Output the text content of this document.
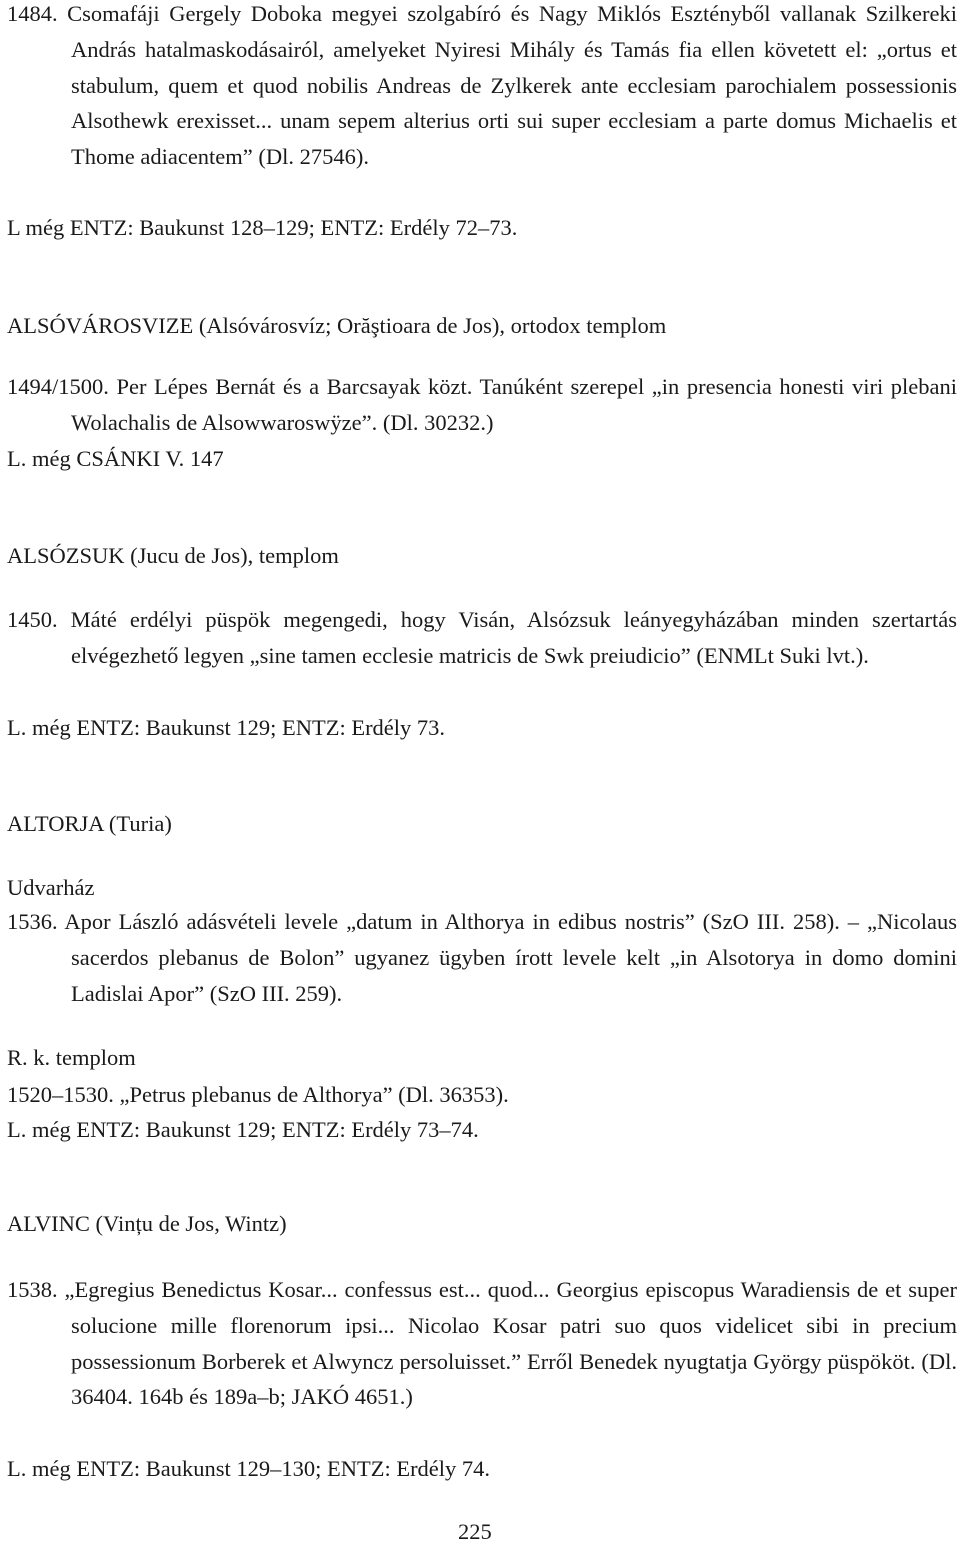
1484. Csomafáji Gergely Doboka megyei szolgabíró és Nagy Miklós Esztényből vallanak Szilkereki András hatalmaskodásairól, amelyeket Nyiresi Mihály és Tamás fia ellen követett el: „ortus et stabulum, quem et quod nobilis Andreas de Zylkerek ante ecclesiam parochialem possessionis Alsothewk erexisset... unam sepem alterius orti sui super ecclesiam a parte domus Michaelis et Thome adiacentem” (Dl. 27546).

L még ENTZ: Baukunst 128–129; ENTZ: Erdély 72–73.

ALSÓVÁROSVIZE (Alsóvárosvíz; Orăştioara de Jos), ortodox templom

1494/1500. Per Lépes Bernát és a Barcsayak közt. Tanúként szerepel „in presencia honesti viri plebani Wolachalis de Alsowwaroswÿze”. (Dl. 30232.)

L. még CSÁNKI V. 147

ALSÓZSUK (Jucu de Jos), templom

1450. Máté erdélyi püspök megengedi, hogy Visán, Alsózsuk leányegyházában minden szertartás elvégezhető legyen „sine tamen ecclesie matricis de Swk preiudicio” (ENMLt Suki lvt.).

L. még ENTZ: Baukunst 129; ENTZ: Erdély 73.

ALTORJA (Turia)

Udvarház

1536. Apor László adásvételi levele „datum in Althorya in edibus nostris” (SzO III. 258). – „Nicolaus sacerdos plebanus de Bolon” ugyanez ügyben írott levele kelt „in Alsotorya in domo domini Ladislai Apor” (SzO III. 259).

R. k. templom

1520–1530. „Petrus plebanus de Althorya” (Dl. 36353).

L. még ENTZ: Baukunst 129; ENTZ: Erdély 73–74.

ALVINC (Vințu de Jos, Wintz)

1538. „Egregius Benedictus Kosar... confessus est... quod... Georgius episcopus Waradiensis de et super solucione mille florenorum ipsi... Nicolao Kosar patri suo quos videlicet sibi in precium possessionum Borberek et Alwyncz persoluisset.” Erről Benedek nyugtatja György püspököt. (Dl. 36404. 164b és 189a–b; JAKÓ 4651.)

L. még ENTZ: Baukunst 129–130; ENTZ: Erdély 74.

225
